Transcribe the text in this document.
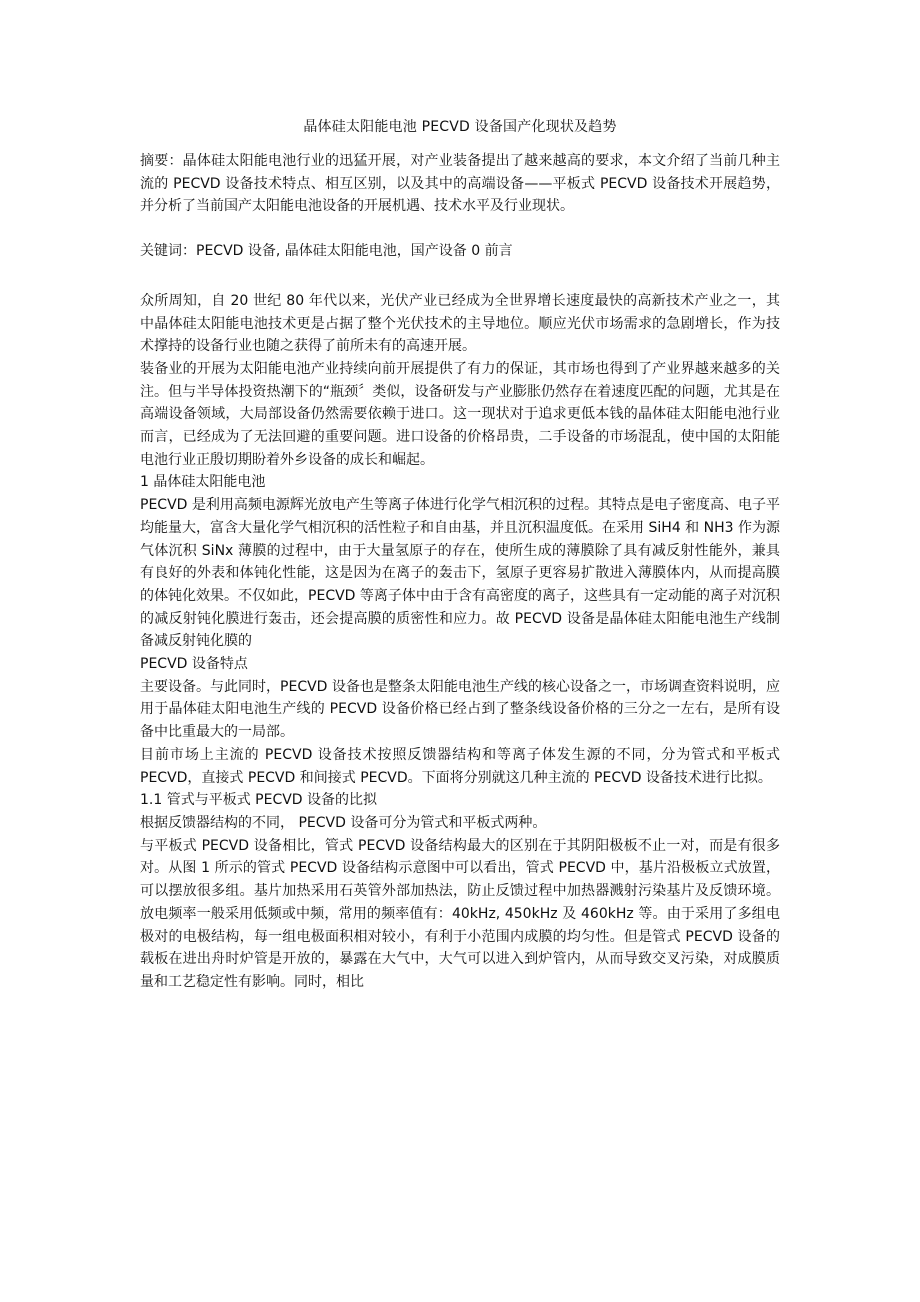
晶体硅太阳能电池 PECVD 设备国产化现状及趋势

摘要：晶体硅太阳能电池行业的迅猛开展，对产业装备提出了越来越高的要求，本文介绍了当前几种主流的 PECVD 设备技术特点、相互区别，以及其中的高端设备——平板式 PECVD 设备技术开展趋势，并分析了当前国产太阳能电池设备的开展机遇、技术水平及行业现状。

关键词：PECVD 设备, 晶体硅太阳能电池，国产设备 0 前言

众所周知，自 20 世纪 80 年代以来，光伏产业已经成为全世界增长速度最快的高新技术产业之一，其中晶体硅太阳能电池技术更是占据了整个光伏技术的主导地位。顺应光伏市场需求的急剧增长，作为技术撑持的设备行业也随之获得了前所未有的高速开展。

装备业的开展为太阳能电池产业持续向前开展提供了有力的保证，其市场也得到了产业界越来越多的关注。但与半导体投资热潮下的“瓶颈〞类似，设备研发与产业膨胀仍然存在着速度匹配的问题，尤其是在高端设备领域，大局部设备仍然需要依赖于进口。这一现状对于追求更低本钱的晶体硅太阳能电池行业而言，已经成为了无法回避的重要问题。进口设备的价格昂贵，二手设备的市场混乱，使中国的太阳能电池行业正殷切期盼着外乡设备的成长和崛起。

1 晶体硅太阳能电池

PECVD 是利用高频电源辉光放电产生等离子体进行化学气相沉积的过程。其特点是电子密度高、电子平均能量大，富含大量化学气相沉积的活性粒子和自由基，并且沉积温度低。在采用 SiH4 和 NH3 作为源气体沉积 SiNx 薄膜的过程中，由于大量氢原子的存在，使所生成的薄膜除了具有减反射性能外，兼具有良好的外表和体钝化性能，这是因为在离子的轰击下，氢原子更容易扩散进入薄膜体内，从而提高膜的体钝化效果。不仅如此，PECVD 等离子体中由于含有高密度的离子，这些具有一定动能的离子对沉积的减反射钝化膜进行轰击，还会提高膜的质密性和应力。故 PECVD 设备是晶体硅太阳能电池生产线制备减反射钝化膜的

PECVD 设备特点

主要设备。与此同时，PECVD 设备也是整条太阳能电池生产线的核心设备之一，市场调查资料说明，应用于晶体硅太阳电池生产线的 PECVD 设备价格已经占到了整条线设备价格的三分之一左右，是所有设备中比重最大的一局部。

目前市场上主流的 PECVD 设备技术按照反馈器结构和等离子体发生源的不同，分为管式和平板式 PECVD，直接式 PECVD 和间接式 PECVD。下面将分别就这几种主流的 PECVD 设备技术进行比拟。

1.1 管式与平板式 PECVD 设备的比拟

根据反馈器结构的不同， PECVD 设备可分为管式和平板式两种。

与平板式 PECVD 设备相比，管式 PECVD 设备结构最大的区别在于其阴阳极板不止一对，而是有很多对。从图 1 所示的管式 PECVD 设备结构示意图中可以看出，管式 PECVD 中，基片沿极板立式放置，可以摆放很多组。基片加热采用石英管外部加热法，防止反馈过程中加热器溅射污染基片及反馈环境。放电频率一般采用低频或中频，常用的频率值有：40kHz, 450kHz 及 460kHz 等。由于采用了多组电极对的电极结构，每一组电极面积相对较小，有利于小范围内成膜的均匀性。但是管式 PECVD 设备的载板在进出舟时炉管是开放的，暴露在大气中，大气可以进入到炉管内，从而导致交叉污染，对成膜质量和工艺稳定性有影响。同时，相比
